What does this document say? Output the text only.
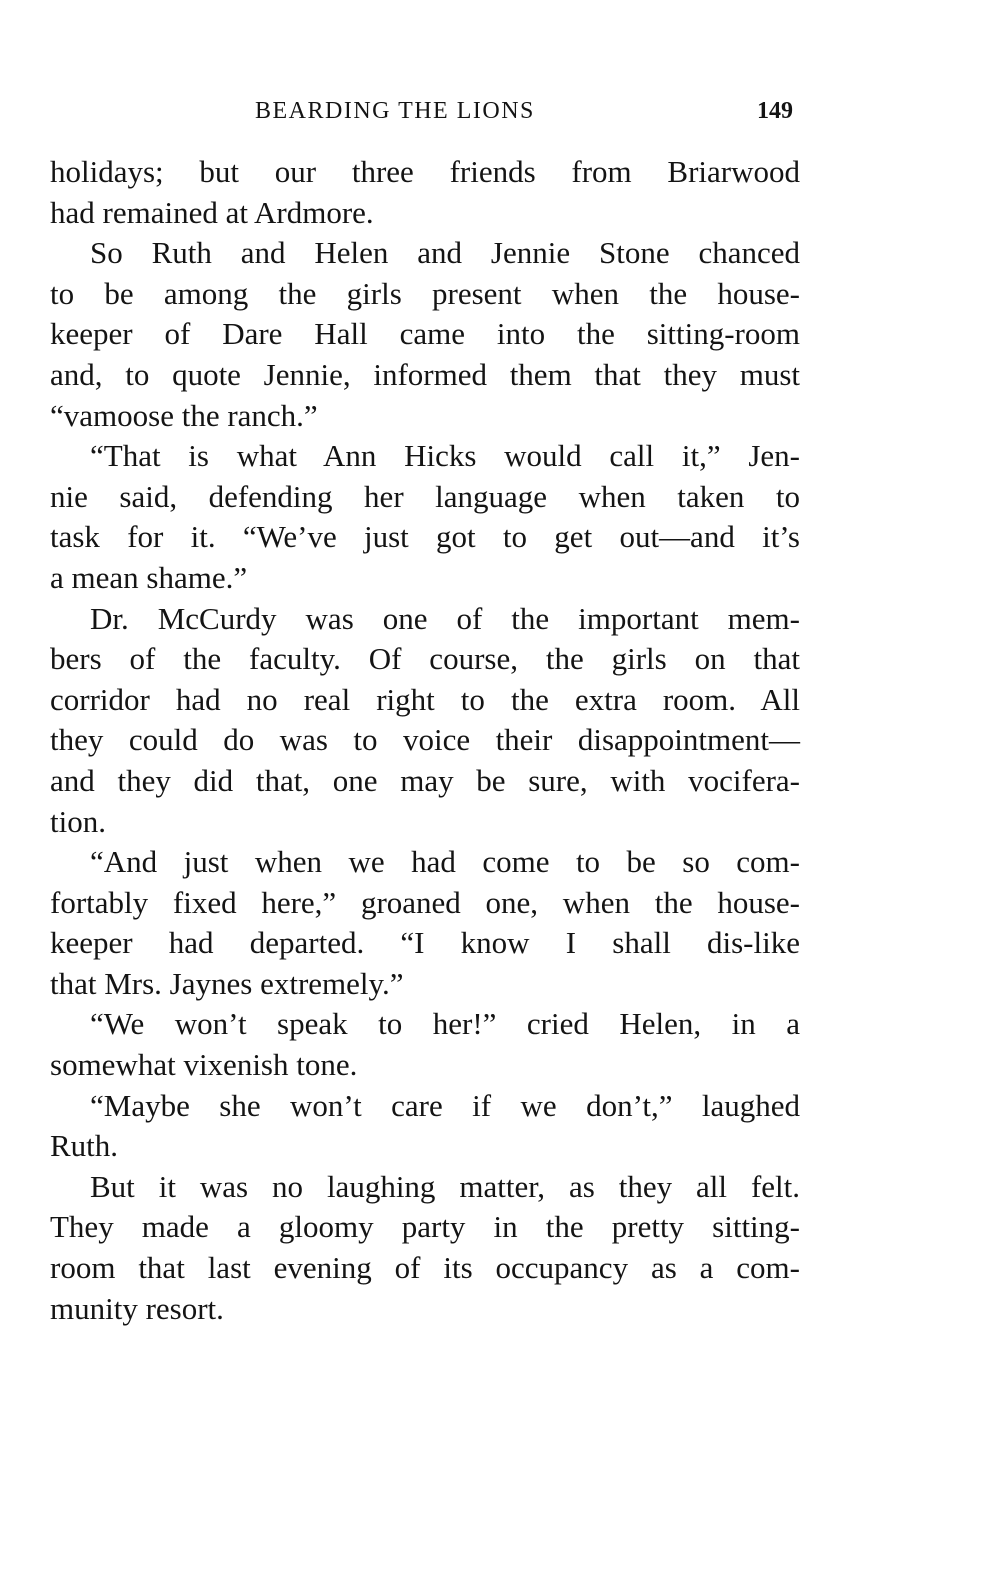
BEARDING THE LIONS	149
holidays; but our three friends from Briarwood
had remained at Ardmore.
So Ruth and Helen and Jennie Stone chanced
to be among the girls present when the house-
keeper of Dare Hall came into the sitting-room
and, to quote Jennie, informed them that they must
“vamoose the ranch.”
“That is what Ann Hicks would call it,” Jen-
nie said, defending her language when taken to
task for it. “We’ve just got to get out—and it’s
a mean shame.”
Dr. McCurdy was one of the important mem-
bers of the faculty. Of course, the girls on that
corridor had no real right to the extra room. All
they could do was to voice their disappointment—
and they did that, one may be sure, with vocifera-
tion.
“And just when we had come to be so com-
fortably fixed here,” groaned one, when the house-
keeper had departed. “I know I shall dis-like
that Mrs. Jaynes extremely.”
“We won’t speak to her!” cried Helen, in a
somewhat vixenish tone.
“Maybe she won’t care if we don’t,” laughed
Ruth.
But it was no laughing matter, as they all felt.
They made a gloomy party in the pretty sitting-
room that last evening of its occupancy as a com-
munity resort.
